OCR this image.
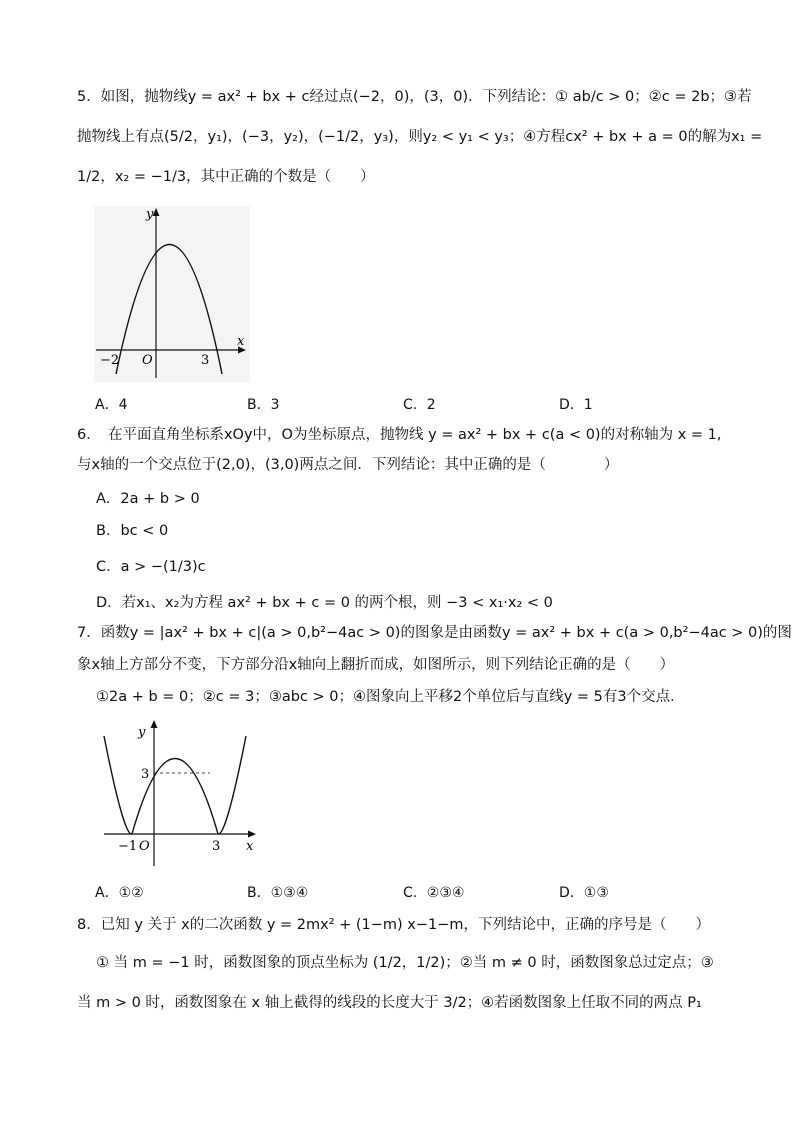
5．如图，抛物线y = ax² + bx + c经过点(−2，0)，(3，0)．下列结论：① ab/c > 0；②c = 2b；③若
抛物线上有点(5/2，y₁)，(−3，y₂)，(−1/2，y₃)，则y₂ < y₁ < y₃；④方程cx² + bx + a = 0的解为x₁ =
1/2，x₂ = −1/3，其中正确的个数是（　　）
y
x
O
−2	3
A．4	B．3	C．2	D．1
6．　在平面直角坐标系xOy中，O为坐标原点，抛物线 y = ax² + bx + c(a < 0)的对称轴为 x = 1,
与x轴的一个交点位于(2,0)，(3,0)两点之间．下列结论：其中正确的是（　　　　）
A．2a + b > 0
B．bc < 0
C．a > −(1/3)c
D．若x₁、x₂为方程 ax² + bx + c = 0 的两个根，则 −3 < x₁·x₂ < 0
7．函数y = |ax² + bx + c|(a > 0,b²−4ac > 0)的图象是由函数y = ax² + bx + c(a > 0,b²−4ac > 0)的图
象x轴上方部分不变，下方部分沿x轴向上翻折而成，如图所示，则下列结论正确的是（　　）
①2a + b = 0；②c = 3；③abc > 0；④图象向上平移2个单位后与直线y = 5有3个交点．
y
x
3
−1 O	3
A．①②	B．①③④	C．②③④	D．①③
8．已知 y 关于 x的二次函数 y = 2mx² + (1−m) x−1−m，下列结论中，正确的序号是（　　）
① 当 m = −1 时，函数图象的顶点坐标为 (1/2，1/2)；②当 m ≠ 0 时，函数图象总过定点；③
当 m > 0 时，函数图象在 x 轴上截得的线段的长度大于 3/2；④若函数图象上任取不同的两点 P₁
